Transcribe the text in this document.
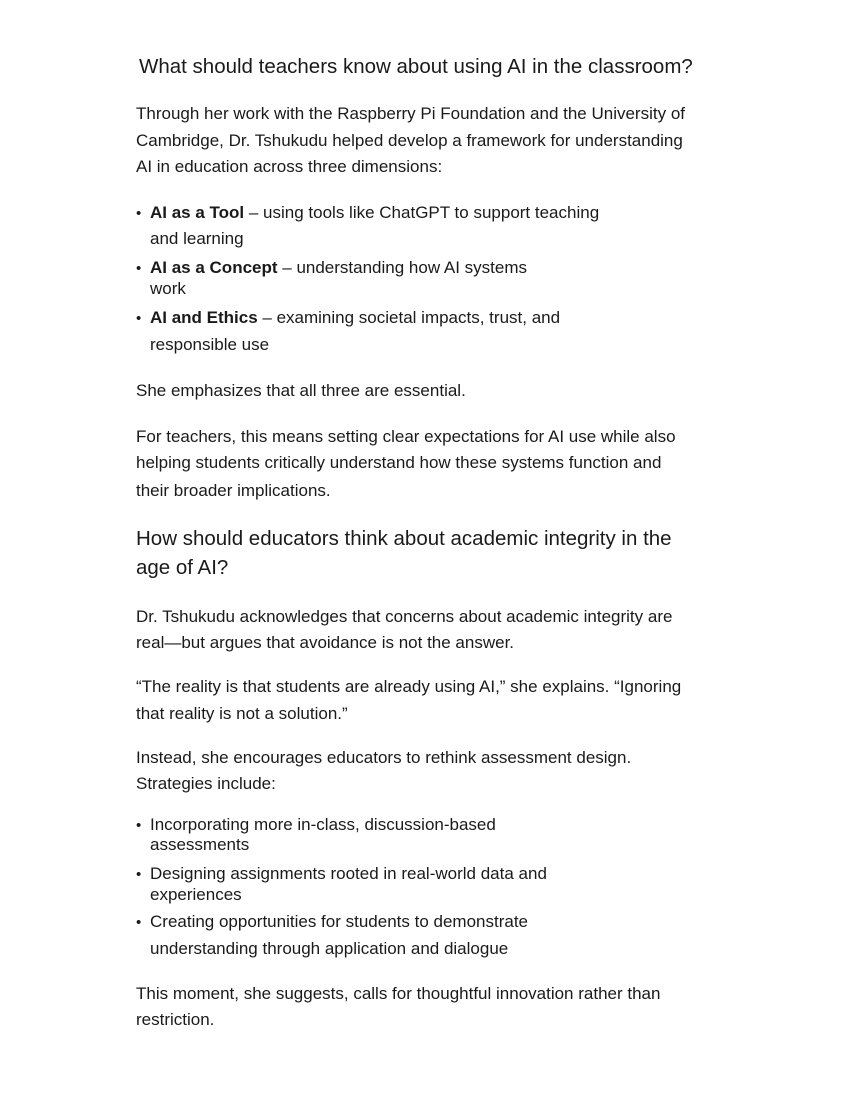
What should teachers know about using AI in the classroom?
Through her work with the Raspberry Pi Foundation and the University of
Cambridge, Dr. Tshukudu helped develop a framework for understanding
AI in education across three dimensions:
• AI as a Tool – using tools like ChatGPT to support teaching
and learning
• AI as a Concept – understanding how AI systems
work
• AI and Ethics – examining societal impacts, trust, and
responsible use
She emphasizes that all three are essential.
For teachers, this means setting clear expectations for AI use while also
helping students critically understand how these systems function and
their broader implications.
How should educators think about academic integrity in the
age of AI?
Dr. Tshukudu acknowledges that concerns about academic integrity are
real—but argues that avoidance is not the answer.
“The reality is that students are already using AI,” she explains. “Ignoring
that reality is not a solution.”
Instead, she encourages educators to rethink assessment design.
Strategies include:
• Incorporating more in-class, discussion-based
assessments
• Designing assignments rooted in real-world data and
experiences
• Creating opportunities for students to demonstrate
understanding through application and dialogue
This moment, she suggests, calls for thoughtful innovation rather than
restriction.
